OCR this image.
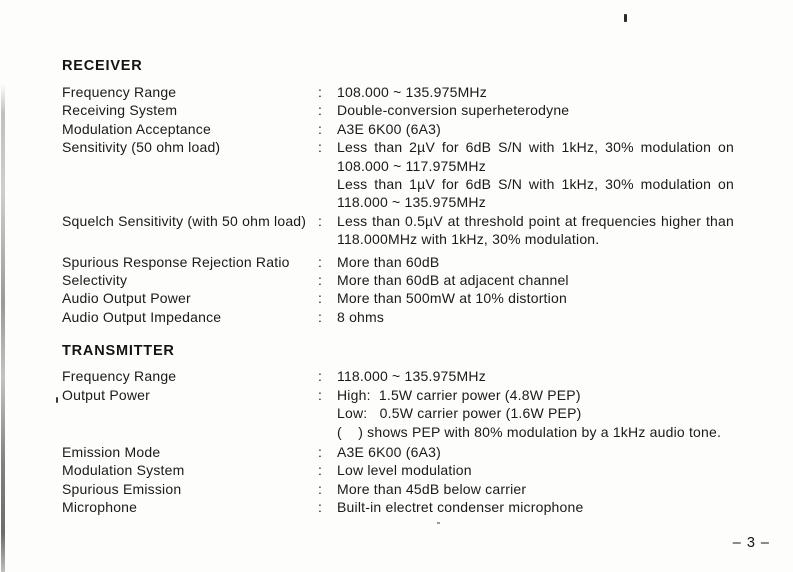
RECEIVER
Frequency Range	:	108.000 ~ 135.975MHz
Receiving System	:	Double-conversion superheterodyne
Modulation Acceptance	:	A3E 6K00 (6A3)
Sensitivity (50 ohm load)	:	Less than 2µV for 6dB S/N with 1kHz, 30% modulation on
108.000 ~ 117.975MHz
Less than 1µV for 6dB S/N with 1kHz, 30% modulation on
118.000 ~ 135.975MHz
Squelch Sensitivity (with 50 ohm load) :	Less than 0.5µV at threshold point at frequencies higher than
118.000MHz with 1kHz, 30% modulation.
Spurious Response Rejection Ratio	:	More than 60dB
Selectivity	:	More than 60dB at adjacent channel
Audio Output Power	:	More than 500mW at 10% distortion
Audio Output Impedance	:	8 ohms
TRANSMITTER
Frequency Range	:	118.000 ~ 135.975MHz
Output Power	:	High:  1.5W carrier power (4.8W PEP)
Low:   0.5W carrier power (1.6W PEP)
(    ) shows PEP with 80% modulation by a 1kHz audio tone.
Emission Mode	:	A3E 6K00 (6A3)
Modulation System	:	Low level modulation
Spurious Emission	:	More than 45dB below carrier
Microphone	:	Built-in electret condenser microphone
– 3 –
